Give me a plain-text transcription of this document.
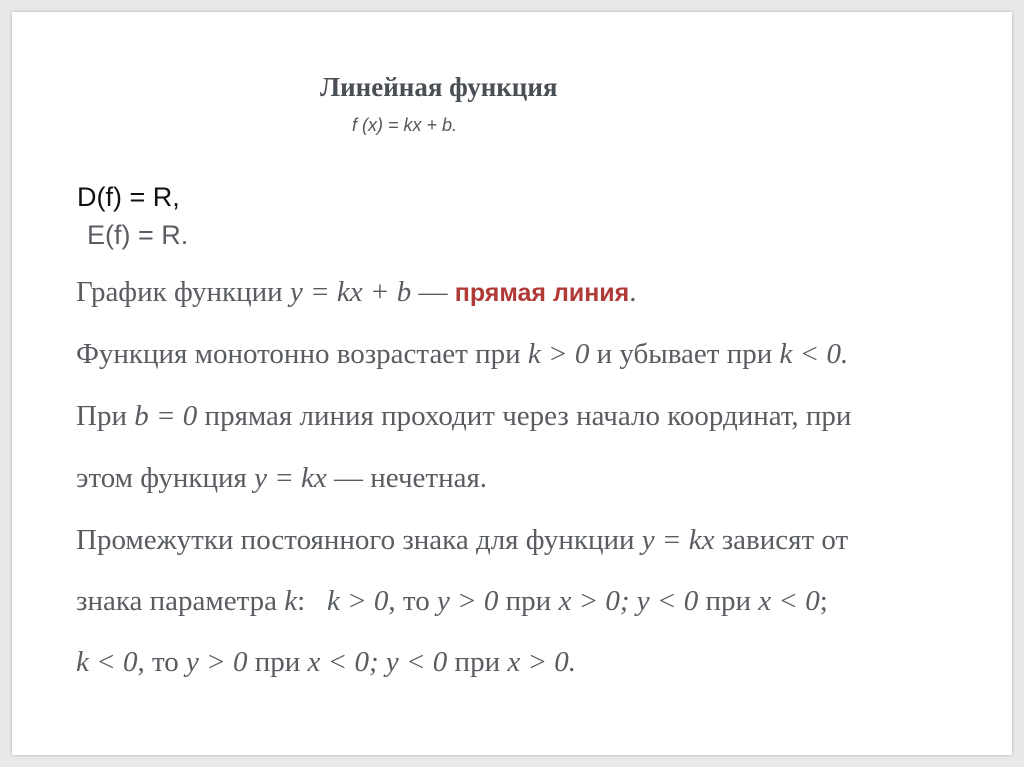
Линейная функция
f (x) = kx + b.
D(f) = R,
E(f) = R.
График функции y = kx + b — прямая линия.
Функция монотонно возрастает при k > 0 и убывает при k < 0.
При b = 0 прямая линия проходит через начало координат, при
этом функция y = kx — нечетная.
Промежутки постоянного знака для функции y = kx зависят от
знака параметра k:   k > 0, то y > 0 при x > 0; y < 0 при x < 0;
k < 0, то y > 0 при x < 0; y < 0 при x > 0.
